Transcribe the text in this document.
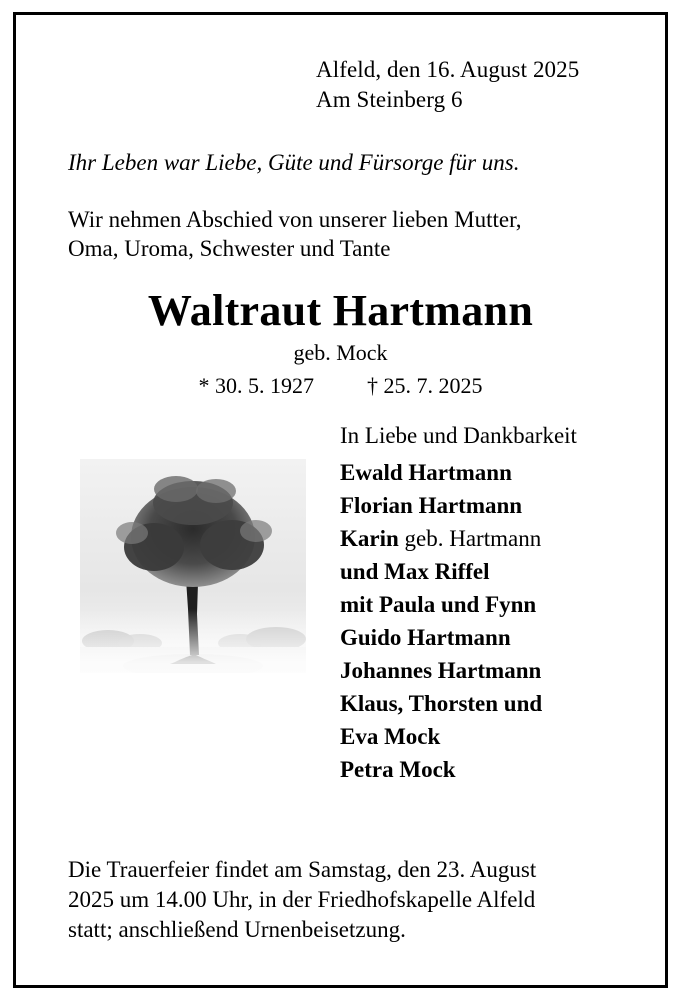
Alfeld, den 16. August 2025
Am Steinberg 6
Ihr Leben war Liebe, Güte und Fürsorge für uns.
Wir nehmen Abschied von unserer lieben Mutter,
Oma, Uroma, Schwester und Tante
Waltraut Hartmann
geb. Mock
* 30. 5. 1927 † 25. 7. 2025
In Liebe und Dankbarkeit
Ewald Hartmann
Florian Hartmann
Karin geb. Hartmann
und Max Riffel
mit Paula und Fynn
Guido Hartmann
Johannes Hartmann
Klaus, Thorsten und
Eva Mock
Petra Mock
Die Trauerfeier findet am Samstag, den 23. August
2025 um 14.00 Uhr, in der Friedhofskapelle Alfeld
statt; anschließend Urnenbeisetzung.
